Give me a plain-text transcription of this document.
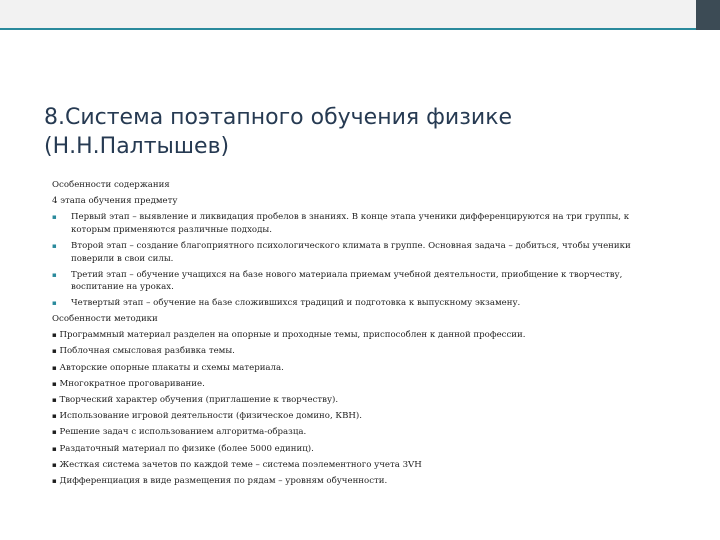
8.Система поэтапного обучения физике
(Н.Н.Палтышев)

Особенности содержания

4 этапа обучения предмету

▪ Первый этап – выявление и ликвидация пробелов в знаниях. В конце этапа ученики дифференцируются на три группы, к которым применяются различные подходы.
▪ Второй этап – создание благоприятного психологического климата в группе. Основная задача – добиться, чтобы ученики поверили в свои силы.
▪ Третий этап – обучение учащихся на базе нового материала приемам учебной деятельности, приобщение к творчеству, воспитание на уроках.
▪ Четвертый этап – обучение на базе сложившихся традиций и подготовка к выпускному экзамену.

Особенности методики

▪ Программный материал разделен на опорные и проходные темы, приспособлен к данной профессии.
▪ Поблочная смысловая разбивка темы.
▪ Авторские опорные плакаты и схемы материала.
▪ Многократное проговаривание.
▪ Творческий характер обучения (приглашение к творчеству).
▪ Использование игровой деятельности (физическое домино, КВН).
▪ Решение задач с использованием алгоритма-образца.
▪ Раздаточный материал по физике (более 5000 единиц).
▪ Жесткая система зачетов по каждой теме – система поэлементного учета 3VН
▪ Дифференциация в виде размещения по рядам – уровням обученности.
